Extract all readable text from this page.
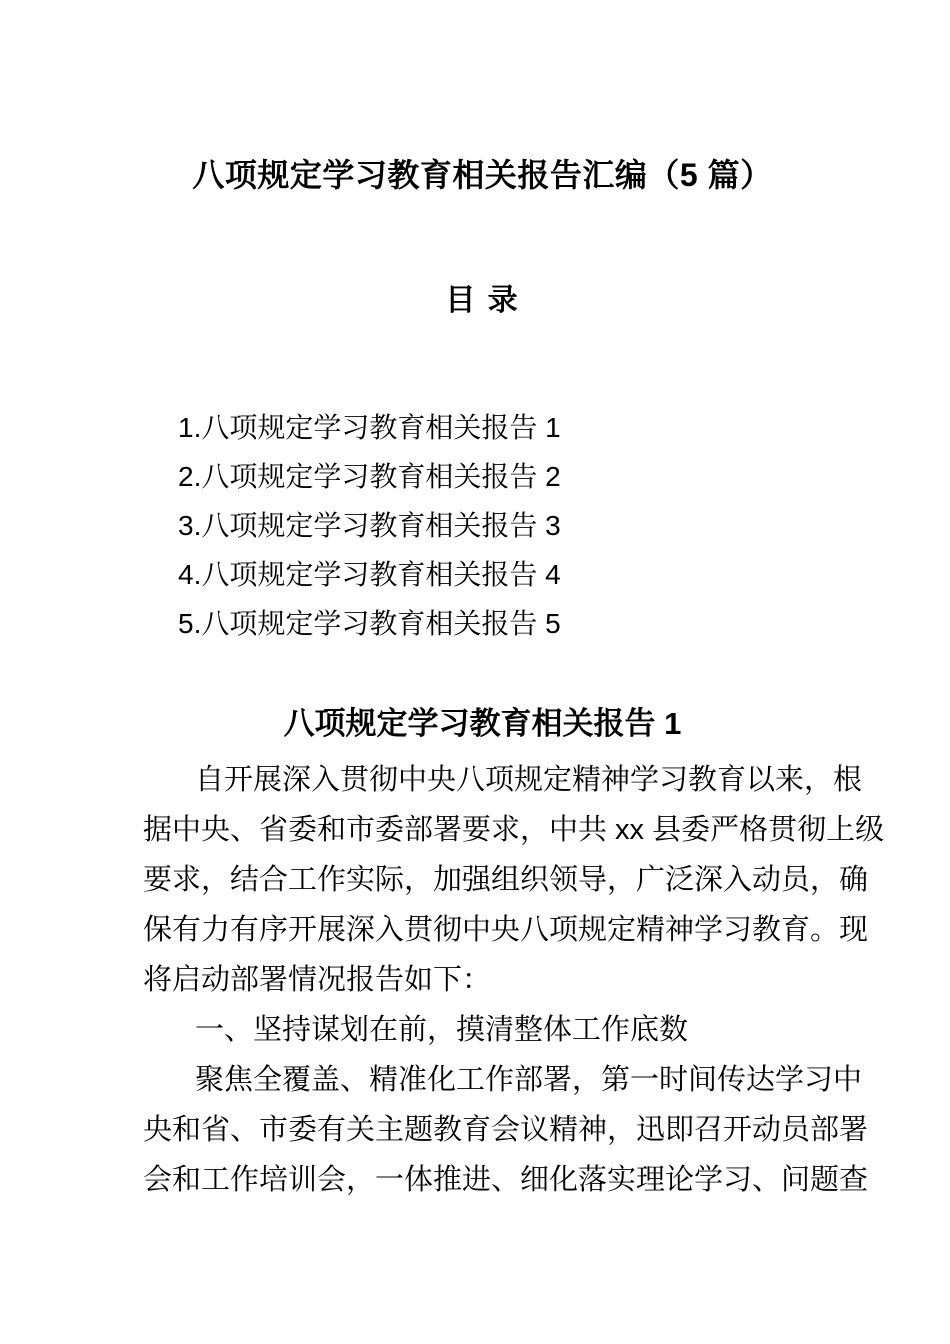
八项规定学习教育相关报告汇编（5 篇）
目 录
1.八项规定学习教育相关报告 1
2.八项规定学习教育相关报告 2
3.八项规定学习教育相关报告 3
4.八项规定学习教育相关报告 4
5.八项规定学习教育相关报告 5
八项规定学习教育相关报告 1
自开展深入贯彻中央八项规定精神学习教育以来，根
据中央、省委和市委部署要求，中共 xx 县委严格贯彻上级
要求，结合工作实际，加强组织领导，广泛深入动员，确
保有力有序开展深入贯彻中央八项规定精神学习教育。现
将启动部署情况报告如下：
一、坚持谋划在前，摸清整体工作底数
聚焦全覆盖、精准化工作部署，第一时间传达学习中
央和省、市委有关主题教育会议精神，迅即召开动员部署
会和工作培训会，一体推进、细化落实理论学习、问题查
